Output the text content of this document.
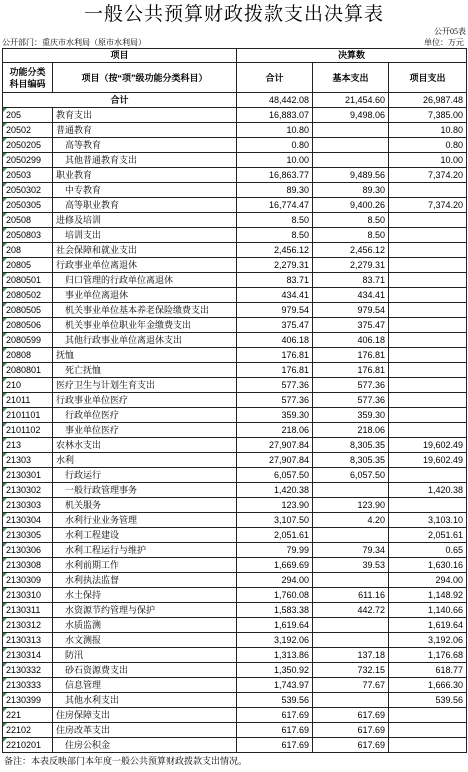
一般公共预算财政拨款支出决算表
公开05表
公开部门：重庆市水利局（原市水利局）	单位：万元
项目		决算数		
功能分类科目编码	项目（按“项”级功能分类科目）	合计	基本支出	项目支出
合计		48,442.08	21,454.60	26,987.48
205	教育支出	16,883.07	9,498.06	7,385.00
20502	普通教育	10.80		10.80
2050205	高等教育	0.80		0.80
2050299	其他普通教育支出	10.00		10.00
20503	职业教育	16,863.77	9,489.56	7,374.20
2050302	中专教育	89.30	89.30	
2050305	高等职业教育	16,774.47	9,400.26	7,374.20
20508	进修及培训	8.50	8.50	
2050803	培训支出	8.50	8.50	
208	社会保障和就业支出	2,456.12	2,456.12	
20805	行政事业单位离退休	2,279.31	2,279.31	
2080501	归口管理的行政单位离退休	83.71	83.71	
2080502	事业单位离退休	434.41	434.41	
2080505	机关事业单位基本养老保险缴费支出	979.54	979.54	
2080506	机关事业单位职业年金缴费支出	375.47	375.47	
2080599	其他行政事业单位离退休支出	406.18	406.18	
20808	抚恤	176.81	176.81	
2080801	死亡抚恤	176.81	176.81	
210	医疗卫生与计划生育支出	577.36	577.36	
21011	行政事业单位医疗	577.36	577.36	
2101101	行政单位医疗	359.30	359.30	
2101102	事业单位医疗	218.06	218.06	
213	农林水支出	27,907.84	8,305.35	19,602.49
21303	水利	27,907.84	8,305.35	19,602.49
2130301	行政运行	6,057.50	6,057.50	
2130302	一般行政管理事务	1,420.38		1,420.38
2130303	机关服务	123.90	123.90	
2130304	水利行业业务管理	3,107.50	4.20	3,103.10
2130305	水利工程建设	2,051.61		2,051.61
2130306	水利工程运行与维护	79.99	79.34	0.65
2130308	水利前期工作	1,669.69	39.53	1,630.16
2130309	水利执法监督	294.00		294.00
2130310	水土保持	1,760.08	611.16	1,148.92
2130311	水资源节约管理与保护	1,583.38	442.72	1,140.66
2130312	水质监测	1,619.64		1,619.64
2130313	水文测报	3,192.06		3,192.06
2130314	防汛	1,313.86	137.18	1,176.68
2130332	砂石资源费支出	1,350.92	732.15	618.77
2130333	信息管理	1,743.97	77.67	1,666.30
2130399	其他水利支出	539.56		539.56
221	住房保障支出	617.69	617.69	
22102	住房改革支出	617.69	617.69	
2210201	住房公积金	617.69	617.69	
备注：本表反映部门本年度一般公共预算财政拨款支出情况。
